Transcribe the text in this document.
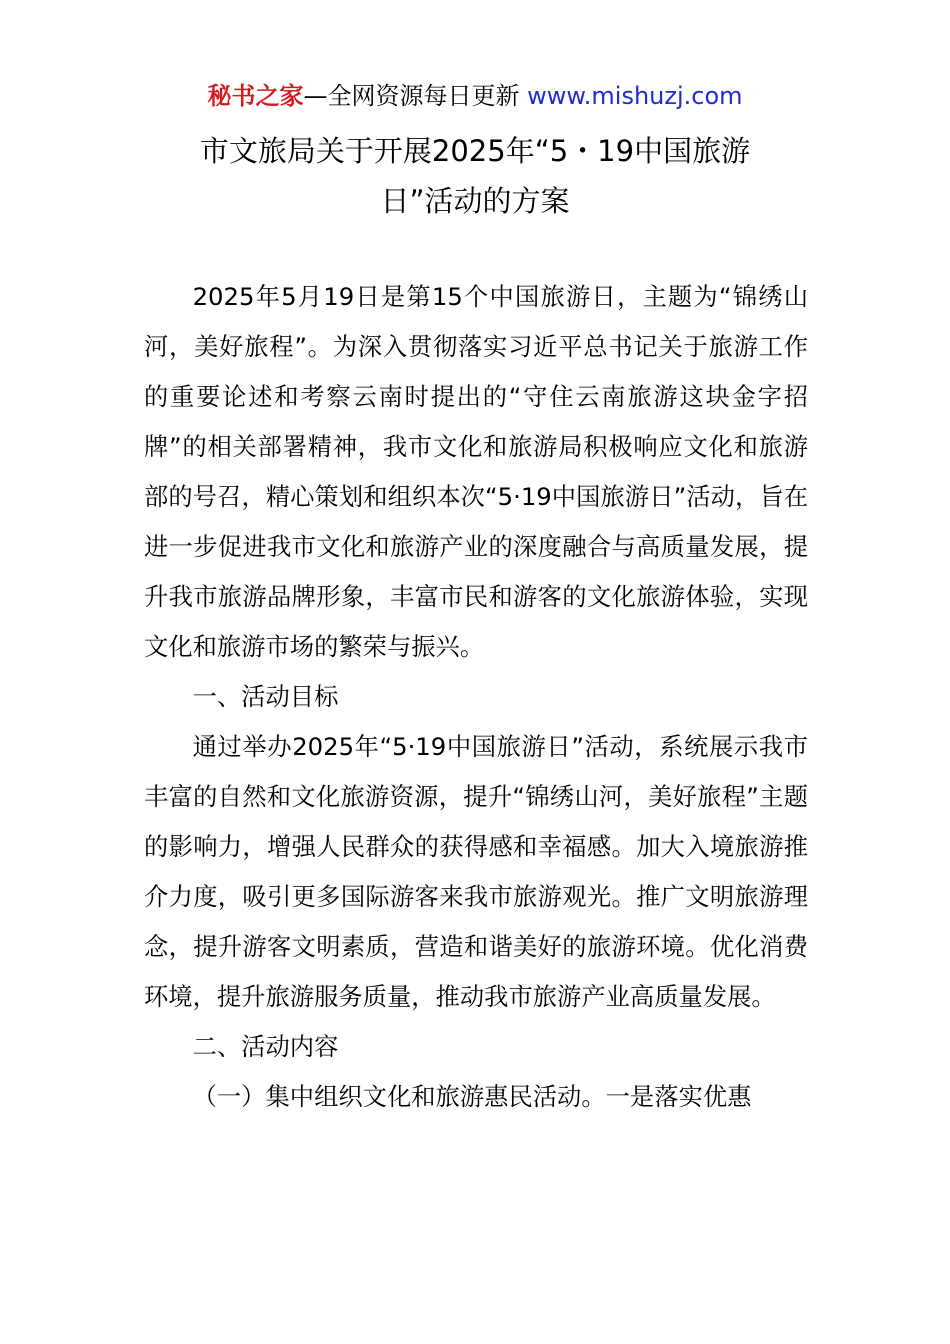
秘书之家—全网资源每日更新 www.mishuzj.com
市文旅局关于开展2025年“5・19中国旅游
日”活动的方案

2025年5月19日是第15个中国旅游日，主题为“锦绣山河，美好旅程”。为深入贯彻落实习近平总书记关于旅游工作的重要论述和考察云南时提出的“守住云南旅游这块金字招牌”的相关部署精神，我市文化和旅游局积极响应文化和旅游部的号召，精心策划和组织本次“5·19中国旅游日”活动，旨在进一步促进我市文化和旅游产业的深度融合与高质量发展，提升我市旅游品牌形象，丰富市民和游客的文化旅游体验，实现文化和旅游市场的繁荣与振兴。

一、活动目标

通过举办2025年“5·19中国旅游日”活动，系统展示我市丰富的自然和文化旅游资源，提升“锦绣山河，美好旅程”主题的影响力，增强人民群众的获得感和幸福感。加大入境旅游推介力度，吸引更多国际游客来我市旅游观光。推广文明旅游理念，提升游客文明素质，营造和谐美好的旅游环境。优化消费环境，提升旅游服务质量，推动我市旅游产业高质量发展。

二、活动内容

（一）集中组织文化和旅游惠民活动。一是落实优惠
